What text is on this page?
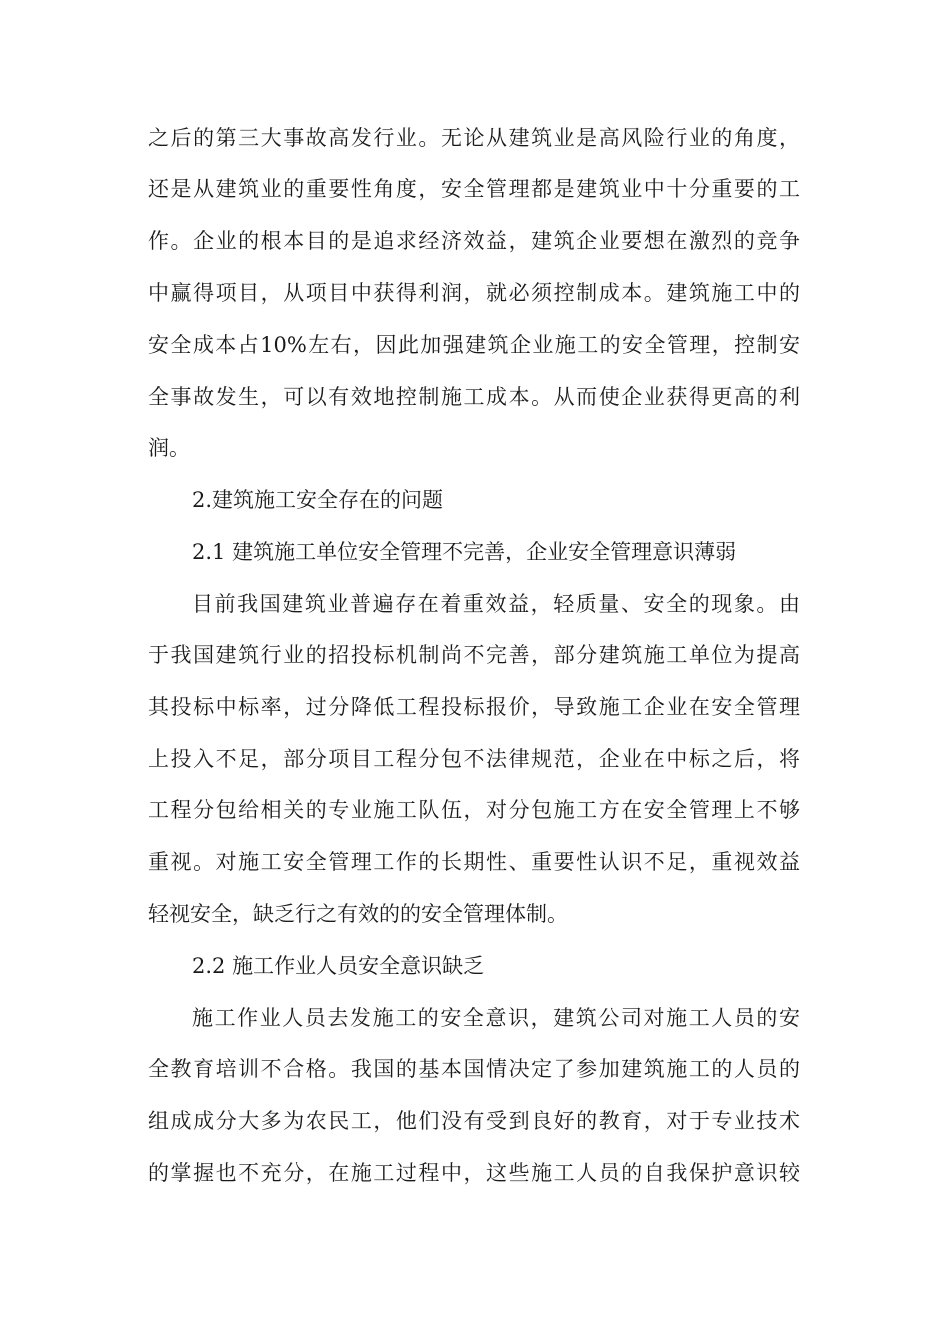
之后的第三大事故高发行业。无论从建筑业是高风险行业的角度，
还是从建筑业的重要性角度，安全管理都是建筑业中十分重要的工
作。企业的根本目的是追求经济效益，建筑企业要想在激烈的竞争
中赢得项目，从项目中获得利润，就必须控制成本。建筑施工中的
安全成本占10%左右，因此加强建筑企业施工的安全管理，控制安
全事故发生，可以有效地控制施工成本。从而使企业获得更高的利
润。
2.建筑施工安全存在的问题
2.1 建筑施工单位安全管理不完善，企业安全管理意识薄弱
目前我国建筑业普遍存在着重效益，轻质量、安全的现象。由
于我国建筑行业的招投标机制尚不完善，部分建筑施工单位为提高
其投标中标率，过分降低工程投标报价，导致施工企业在安全管理
上投入不足，部分项目工程分包不法律规范，企业在中标之后，将
工程分包给相关的专业施工队伍，对分包施工方在安全管理上不够
重视。对施工安全管理工作的长期性、重要性认识不足，重视效益
轻视安全，缺乏行之有效的的安全管理体制。
2.2 施工作业人员安全意识缺乏
施工作业人员去发施工的安全意识，建筑公司对施工人员的安
全教育培训不合格。我国的基本国情决定了参加建筑施工的人员的
组成成分大多为农民工，他们没有受到良好的教育，对于专业技术
的掌握也不充分，在施工过程中，这些施工人员的自我保护意识较
